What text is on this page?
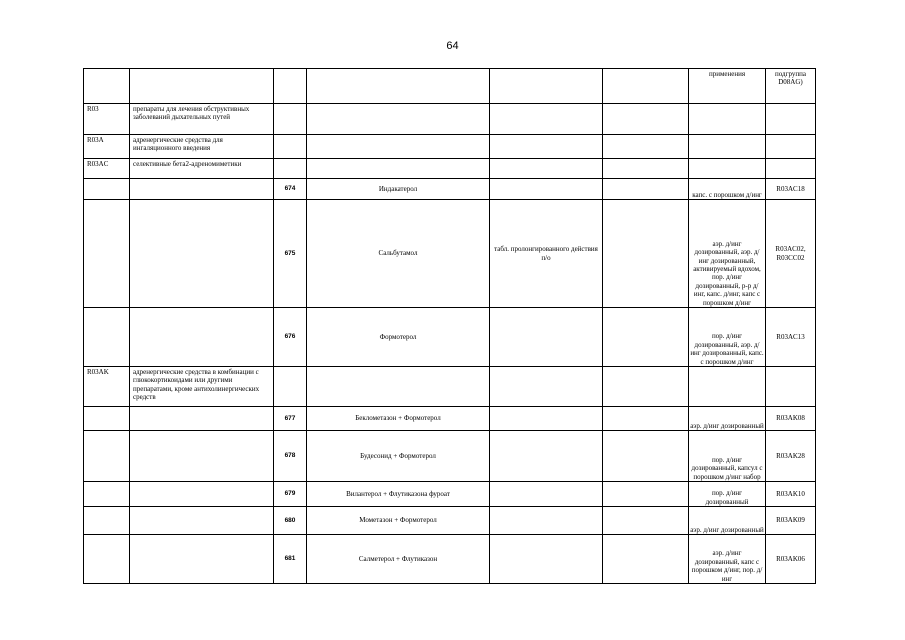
64
						применения	подгруппа D08AG)
R03	препараты для лечения обструктивных заболеваний дыхательных путей						
R03A	адренергические средства для ингаляционного введения						
R03AC	селективные бета2-адреномиметики						
		674	Индакатерол			капс. с порошком д/инг	R03AC18
		675	Сальбутамол	табл. пролонгированного действия п/о		аэр. д/инг дозированный, аэр. д/инг дозированный, активируемый вдохом, пор. д/инг дозированный, р-р д/инг, капс. д/инг, капс с порошком д/инг	R03AC02, R03CC02
		676	Формотерол			пор. д/инг дозированный, аэр. д/инг дозированный, капс. с порошком д/инг	R03AC13
R03AK	адренергические средства в комбинации с глюкокортикоидами или другими препаратами, кроме антихолинергических средств						
		677	Беклометазон + Формотерол			аэр. д/инг дозированный	R03AK08
		678	Будесонид + Формотерол			пор. д/инг дозированный, капсул с порошком д/инг набор	R03AK28
		679	Вилантерол + Флутиказона фуроат			пор. д/инг дозированный	R03AK10
		680	Мометазон + Формотерол			аэр. д/инг дозированный	R03AK09
		681	Салметерол + Флутиказон			аэр. д/инг дозированный, капс с порошком д/инг, пор. д/инг	R03AK06
